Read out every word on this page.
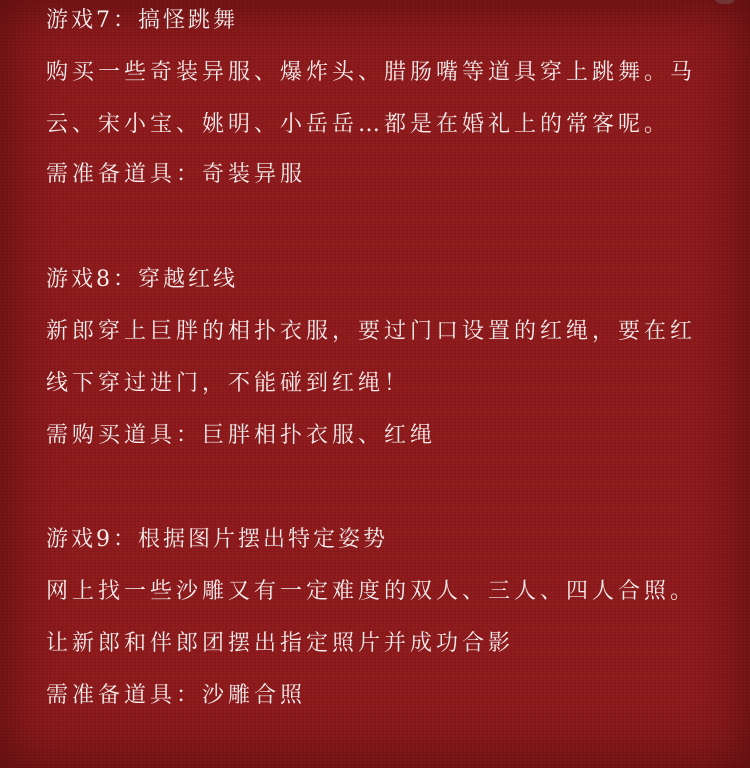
游戏7：搞怪跳舞
购买一些奇装异服、爆炸头、腊肠嘴等道具穿上跳舞。马
云、宋小宝、姚明、小岳岳…都是在婚礼上的常客呢。
需准备道具：奇装异服
游戏8：穿越红线
新郎穿上巨胖的相扑衣服，要过门口设置的红绳，要在红
线下穿过进门，不能碰到红绳！
需购买道具：巨胖相扑衣服、红绳
游戏9：根据图片摆出特定姿势
网上找一些沙雕又有一定难度的双人、三人、四人合照。
让新郎和伴郎团摆出指定照片并成功合影
需准备道具：沙雕合照
